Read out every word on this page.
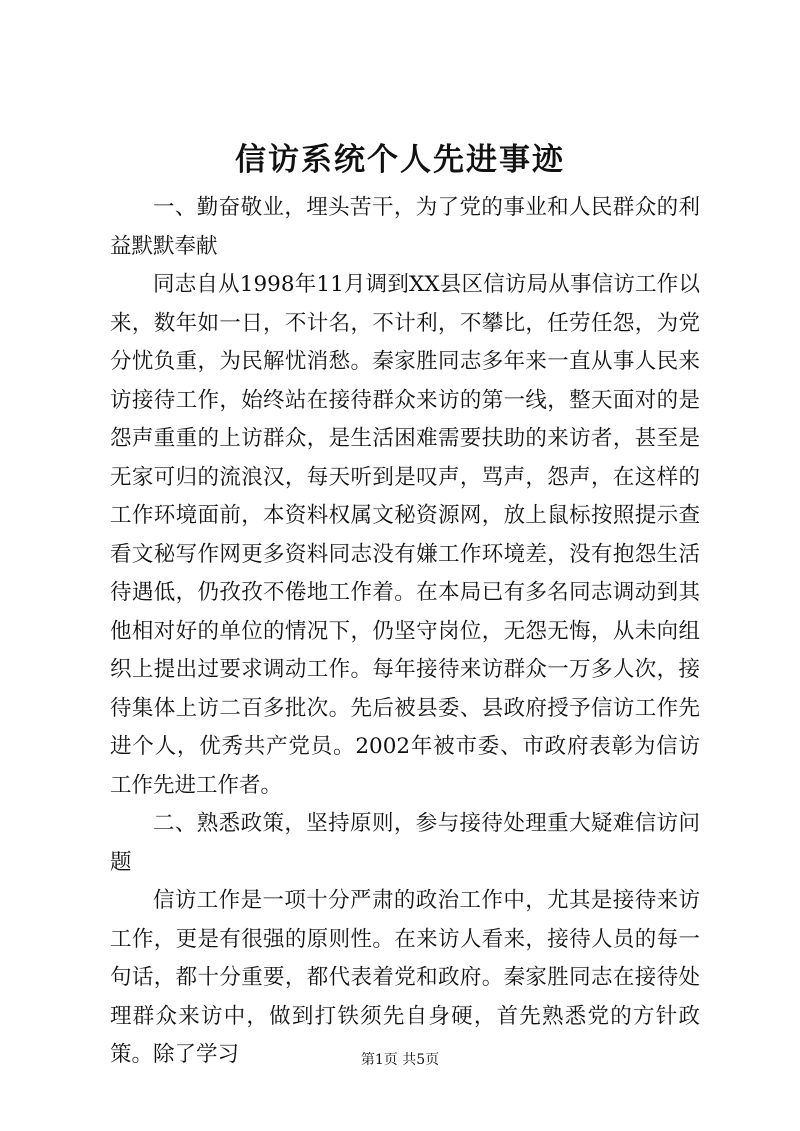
信访系统个人先进事迹

一、勤奋敬业，埋头苦干，为了党的事业和人民群众的利益默默奉献

同志自从1998年11月调到XX县区信访局从事信访工作以来，数年如一日，不计名，不计利，不攀比，任劳任怨，为党分忧负重，为民解忧消愁。秦家胜同志多年来一直从事人民来访接待工作，始终站在接待群众来访的第一线，整天面对的是怨声重重的上访群众，是生活困难需要扶助的来访者，甚至是无家可归的流浪汉，每天听到是叹声，骂声，怨声，在这样的工作环境面前，本资料权属文秘资源网，放上鼠标按照提示查看文秘写作网更多资料同志没有嫌工作环境差，没有抱怨生活待遇低，仍孜孜不倦地工作着。在本局已有多名同志调动到其他相对好的单位的情况下，仍坚守岗位，无怨无悔，从未向组织上提出过要求调动工作。每年接待来访群众一万多人次，接待集体上访二百多批次。先后被县委、县政府授予信访工作先进个人，优秀共产党员。2002年被市委、市政府表彰为信访工作先进工作者。

二、熟悉政策，坚持原则，参与接待处理重大疑难信访问题

信访工作是一项十分严肃的政治工作中，尤其是接待来访工作，更是有很强的原则性。在来访人看来，接待人员的每一句话，都十分重要，都代表着党和政府。秦家胜同志在接待处理群众来访中，做到打铁须先自身硬，首先熟悉党的方针政策。除了学习	第1页 共5页
